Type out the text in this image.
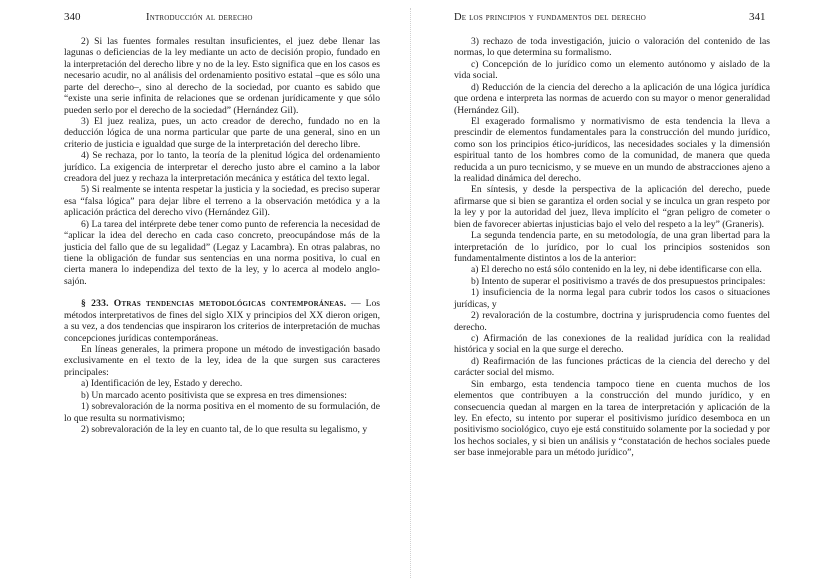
340	Introducción al derecho

2) Si las fuentes formales resultan insuficientes, el juez debe llenar las lagunas o deficiencias de la ley mediante un acto de decisión propio, fundado en la interpretación del derecho libre y no de la ley. Esto significa que en los casos es necesario acudir, no al análisis del ordenamiento positivo estatal –que es sólo una parte del derecho–, sino al derecho de la sociedad, por cuanto es sabido que “existe una serie infinita de relaciones que se ordenan jurídicamente y que sólo pueden serlo por el derecho de la sociedad” (Hernández Gil).

3) El juez realiza, pues, un acto creador de derecho, fundado no en la deducción lógica de una norma particular que parte de una general, sino en un criterio de justicia e igualdad que surge de la interpretación del derecho libre.

4) Se rechaza, por lo tanto, la teoría de la plenitud lógica del ordenamiento jurídico. La exigencia de interpretar el derecho justo abre el camino a la labor creadora del juez y rechaza la interpretación mecánica y estática del texto legal.

5) Si realmente se intenta respetar la justicia y la sociedad, es preciso superar esa “falsa lógica” para dejar libre el terreno a la observación metódica y a la aplicación práctica del derecho vivo (Hernández Gil).

6) La tarea del intérprete debe tener como punto de referencia la necesidad de “aplicar la idea del derecho en cada caso concreto, preocupándose más de la justicia del fallo que de su legalidad” (Legaz y Lacambra). En otras palabras, no tiene la obligación de fundar sus sentencias en una norma positiva, lo cual en cierta manera lo independiza del texto de la ley, y lo acerca al modelo anglo-sajón.

§ 233. Otras tendencias metodológicas contemporáneas. — Los métodos interpretativos de fines del siglo XIX y principios del XX dieron origen, a su vez, a dos tendencias que inspiraron los criterios de interpretación de muchas concepciones jurídicas contemporáneas.

En líneas generales, la primera propone un método de investigación basado exclusivamente en el texto de la ley, idea de la que surgen sus caracteres principales:

a) Identificación de ley, Estado y derecho.

b) Un marcado acento positivista que se expresa en tres dimensiones:

1) sobrevaloración de la norma positiva en el momento de su formulación, de lo que resulta su normativismo;

2) sobrevaloración de la ley en cuanto tal, de lo que resulta su legalismo, y

De los principios y fundamentos del derecho	341

3) rechazo de toda investigación, juicio o valoración del contenido de las normas, lo que determina su formalismo.

c) Concepción de lo jurídico como un elemento autónomo y aislado de la vida social.

d) Reducción de la ciencia del derecho a la aplicación de una lógica jurídica que ordena e interpreta las normas de acuerdo con su mayor o menor generalidad (Hernández Gil).

El exagerado formalismo y normativismo de esta tendencia la lleva a prescindir de elementos fundamentales para la construcción del mundo jurídico, como son los principios ético-jurídicos, las necesidades sociales y la dimensión espiritual tanto de los hombres como de la comunidad, de manera que queda reducida a un puro tecnicismo, y se mueve en un mundo de abstracciones ajeno a la realidad dinámica del derecho.

En síntesis, y desde la perspectiva de la aplicación del derecho, puede afirmarse que si bien se garantiza el orden social y se inculca un gran respeto por la ley y por la autoridad del juez, lleva implícito el “gran peligro de cometer o bien de favorecer abiertas injusticias bajo el velo del respeto a la ley” (Graneris).

La segunda tendencia parte, en su metodología, de una gran libertad para la interpretación de lo jurídico, por lo cual los principios sostenidos son fundamentalmente distintos a los de la anterior:

a) El derecho no está sólo contenido en la ley, ni debe identificarse con ella.

b) Intento de superar el positivismo a través de dos presupuestos principales:

1) insuficiencia de la norma legal para cubrir todos los casos o situaciones jurídicas, y

2) revaloración de la costumbre, doctrina y jurisprudencia como fuentes del derecho.

c) Afirmación de las conexiones de la realidad jurídica con la realidad histórica y social en la que surge el derecho.

d) Reafirmación de las funciones prácticas de la ciencia del derecho y del carácter social del mismo.

Sin embargo, esta tendencia tampoco tiene en cuenta muchos de los elementos que contribuyen a la construcción del mundo jurídico, y en consecuencia quedan al margen en la tarea de interpretación y aplicación de la ley. En efecto, su intento por superar el positivismo jurídico desemboca en un positivismo sociológico, cuyo eje está constituido solamente por la sociedad y por los hechos sociales, y si bien un análisis y “constatación de hechos sociales puede ser base inmejorable para un método jurídico”,
